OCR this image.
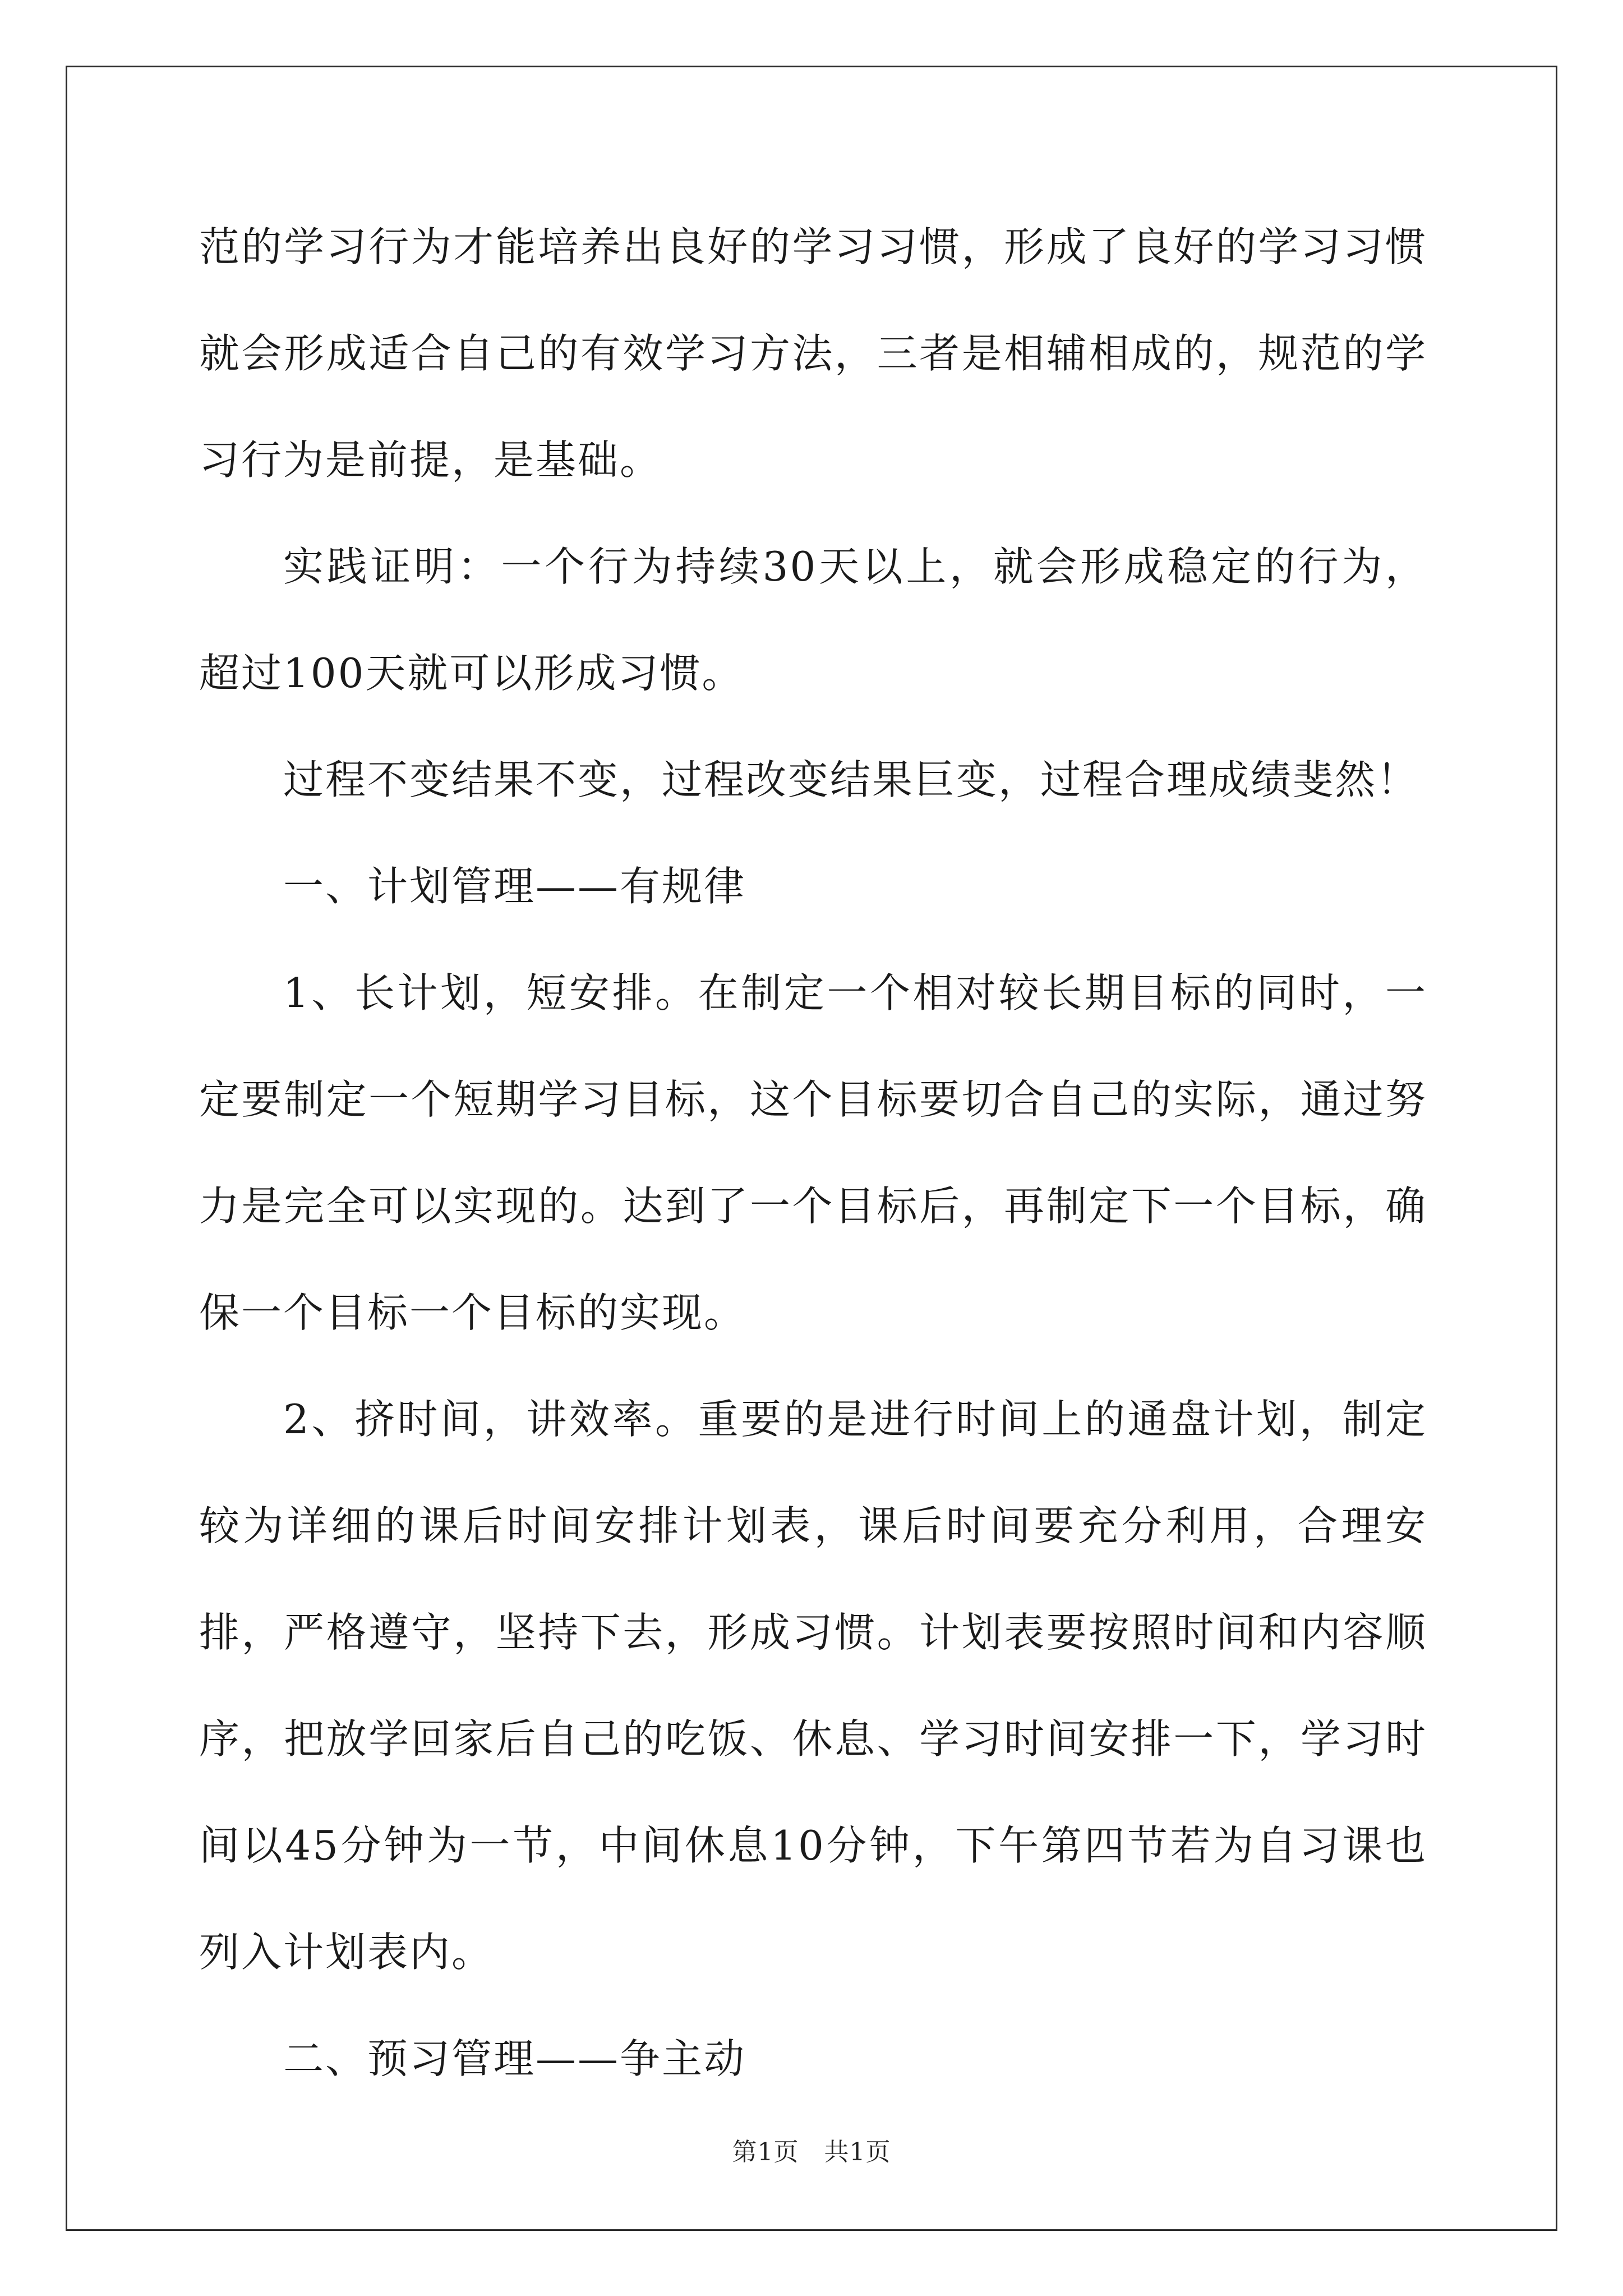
范的学习行为才能培养出良好的学习习惯，形成了良好的学习习惯就会形成适合自己的有效学习方法，三者是相辅相成的，规范的学习行为是前提，是基础。

实践证明：一个行为持续30天以上，就会形成稳定的行为，超过100天就可以形成习惯。

过程不变结果不变，过程改变结果巨变，过程合理成绩斐然！

一、计划管理——有规律

1、长计划，短安排。在制定一个相对较长期目标的同时，一定要制定一个短期学习目标，这个目标要切合自己的实际，通过努力是完全可以实现的。达到了一个目标后，再制定下一个目标，确保一个目标一个目标的实现。

2、挤时间，讲效率。重要的是进行时间上的通盘计划，制定较为详细的课后时间安排计划表，课后时间要充分利用，合理安排，严格遵守，坚持下去，形成习惯。计划表要按照时间和内容顺序，把放学回家后自己的吃饭、休息、学习时间安排一下，学习时间以45分钟为一节，中间休息10分钟，下午第四节若为自习课也列入计划表内。

二、预习管理——争主动

第1页   共1页
